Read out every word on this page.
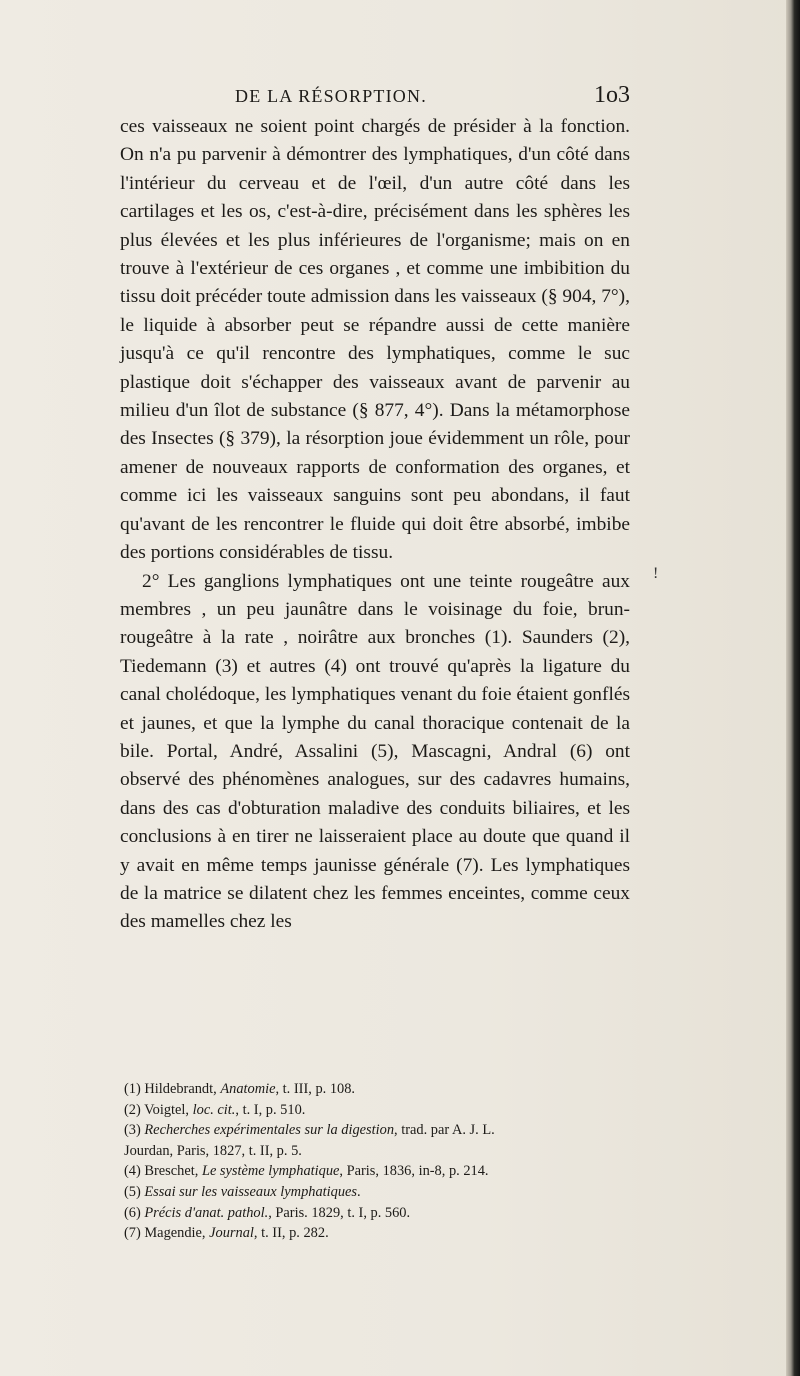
DE LA RÉSORPTION.	1o3

ces vaisseaux ne soient point chargés de présider à la fonction. On n'a pu parvenir à démontrer des lymphatiques, d'un côté dans l'intérieur du cerveau et de l'œil, d'un autre côté dans les cartilages et les os, c'est-à-dire, précisément dans les sphères les plus élevées et les plus inférieures de l'organisme; mais on en trouve à l'extérieur de ces organes , et comme une imbibition du tissu doit précéder toute admission dans les vaisseaux (§ 904, 7°), le liquide à absorber peut se répandre aussi de cette manière jusqu'à ce qu'il rencontre des lymphatiques, comme le suc plastique doit s'échapper des vaisseaux avant de parvenir au milieu d'un îlot de substance (§ 877, 4°). Dans la métamorphose des Insectes (§ 379), la résorption joue évidemment un rôle, pour amener de nouveaux rapports de conformation des organes, et comme ici les vaisseaux sanguins sont peu abondans, il faut qu'avant de les rencontrer le fluide qui doit être absorbé, imbibe des portions considérables de tissu.

2° Les ganglions lymphatiques ont une teinte rougeâtre aux membres , un peu jaunâtre dans le voisinage du foie, brun-rougeâtre à la rate , noirâtre aux bronches (1). Saunders (2), Tiedemann (3) et autres (4) ont trouvé qu'après la ligature du canal cholédoque, les lymphatiques venant du foie étaient gonflés et jaunes, et que la lymphe du canal thoracique contenait de la bile. Portal, André, Assalini (5), Mascagni, Andral (6) ont observé des phénomènes analogues, sur des cadavres humains, dans des cas d'obturation maladive des conduits biliaires, et les conclusions à en tirer ne laisseraient place au doute que quand il y avait en même temps jaunisse générale (7). Les lymphatiques de la matrice se dilatent chez les femmes enceintes, comme ceux des mamelles chez les

!
(1) Hildebrandt, Anatomie, t. III, p. 108.
(2) Voigtel, loc. cit., t. I, p. 510.
(3) Recherches expérimentales sur la digestion, trad. par A. J. L.
Jourdan, Paris, 1827, t. II, p. 5.
(4) Breschet, Le système lymphatique, Paris, 1836, in-8, p. 214.
(5) Essai sur les vaisseaux lymphatiques.
(6) Précis d'anat. pathol., Paris. 1829, t. I, p. 560.
(7) Magendie, Journal, t. II, p. 282.
